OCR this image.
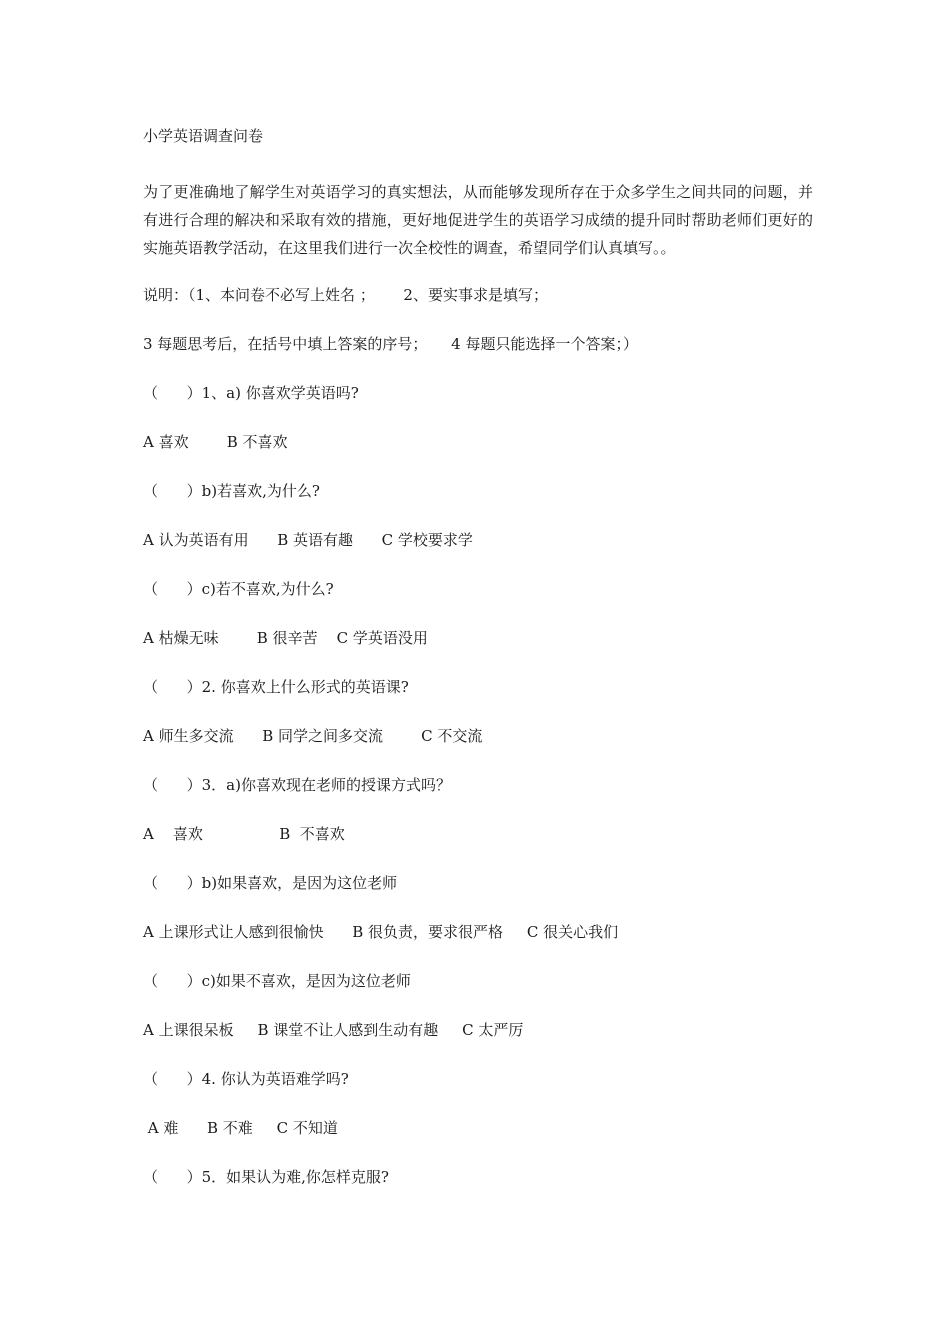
小学英语调查问卷

为了更准确地了解学生对英语学习的真实想法，从而能够发现所存在于众多学生之间共同的问题，并有进行合理的解决和采取有效的措施，更好地促进学生的英语学习成绩的提升同时帮助老师们更好的实施英语教学活动，在这里我们进行一次全校性的调查，希望同学们认真填写。。

说明：（1、本问卷不必写上姓名 ；      2、要实事求是填写；

3 每题思考后，在括号中填上答案的序号；     4 每题只能选择一个答案；）

（      ）1、a) 你喜欢学英语吗?

A 喜欢        B 不喜欢

（      ）b)若喜欢,为什么?

A 认为英语有用      B 英语有趣      C 学校要求学

（      ）c)若不喜欢,为什么?

A 枯燥无味        B 很辛苦    C 学英语没用

（      ）2. 你喜欢上什么形式的英语课?

A 师生多交流      B 同学之间多交流        C 不交流

（      ）3．a)你喜欢现在老师的授课方式吗？

A    喜欢                B  不喜欢

（      ）b)如果喜欢，是因为这位老师

A 上课形式让人感到很愉快      B 很负责，要求很严格     C 很关心我们

（      ）c)如果不喜欢，是因为这位老师

A 上课很呆板     B 课堂不让人感到生动有趣     C 太严厉

（      ）4. 你认为英语难学吗?

A 难      B 不难     C 不知道

（      ）5．如果认为难,你怎样克服?
